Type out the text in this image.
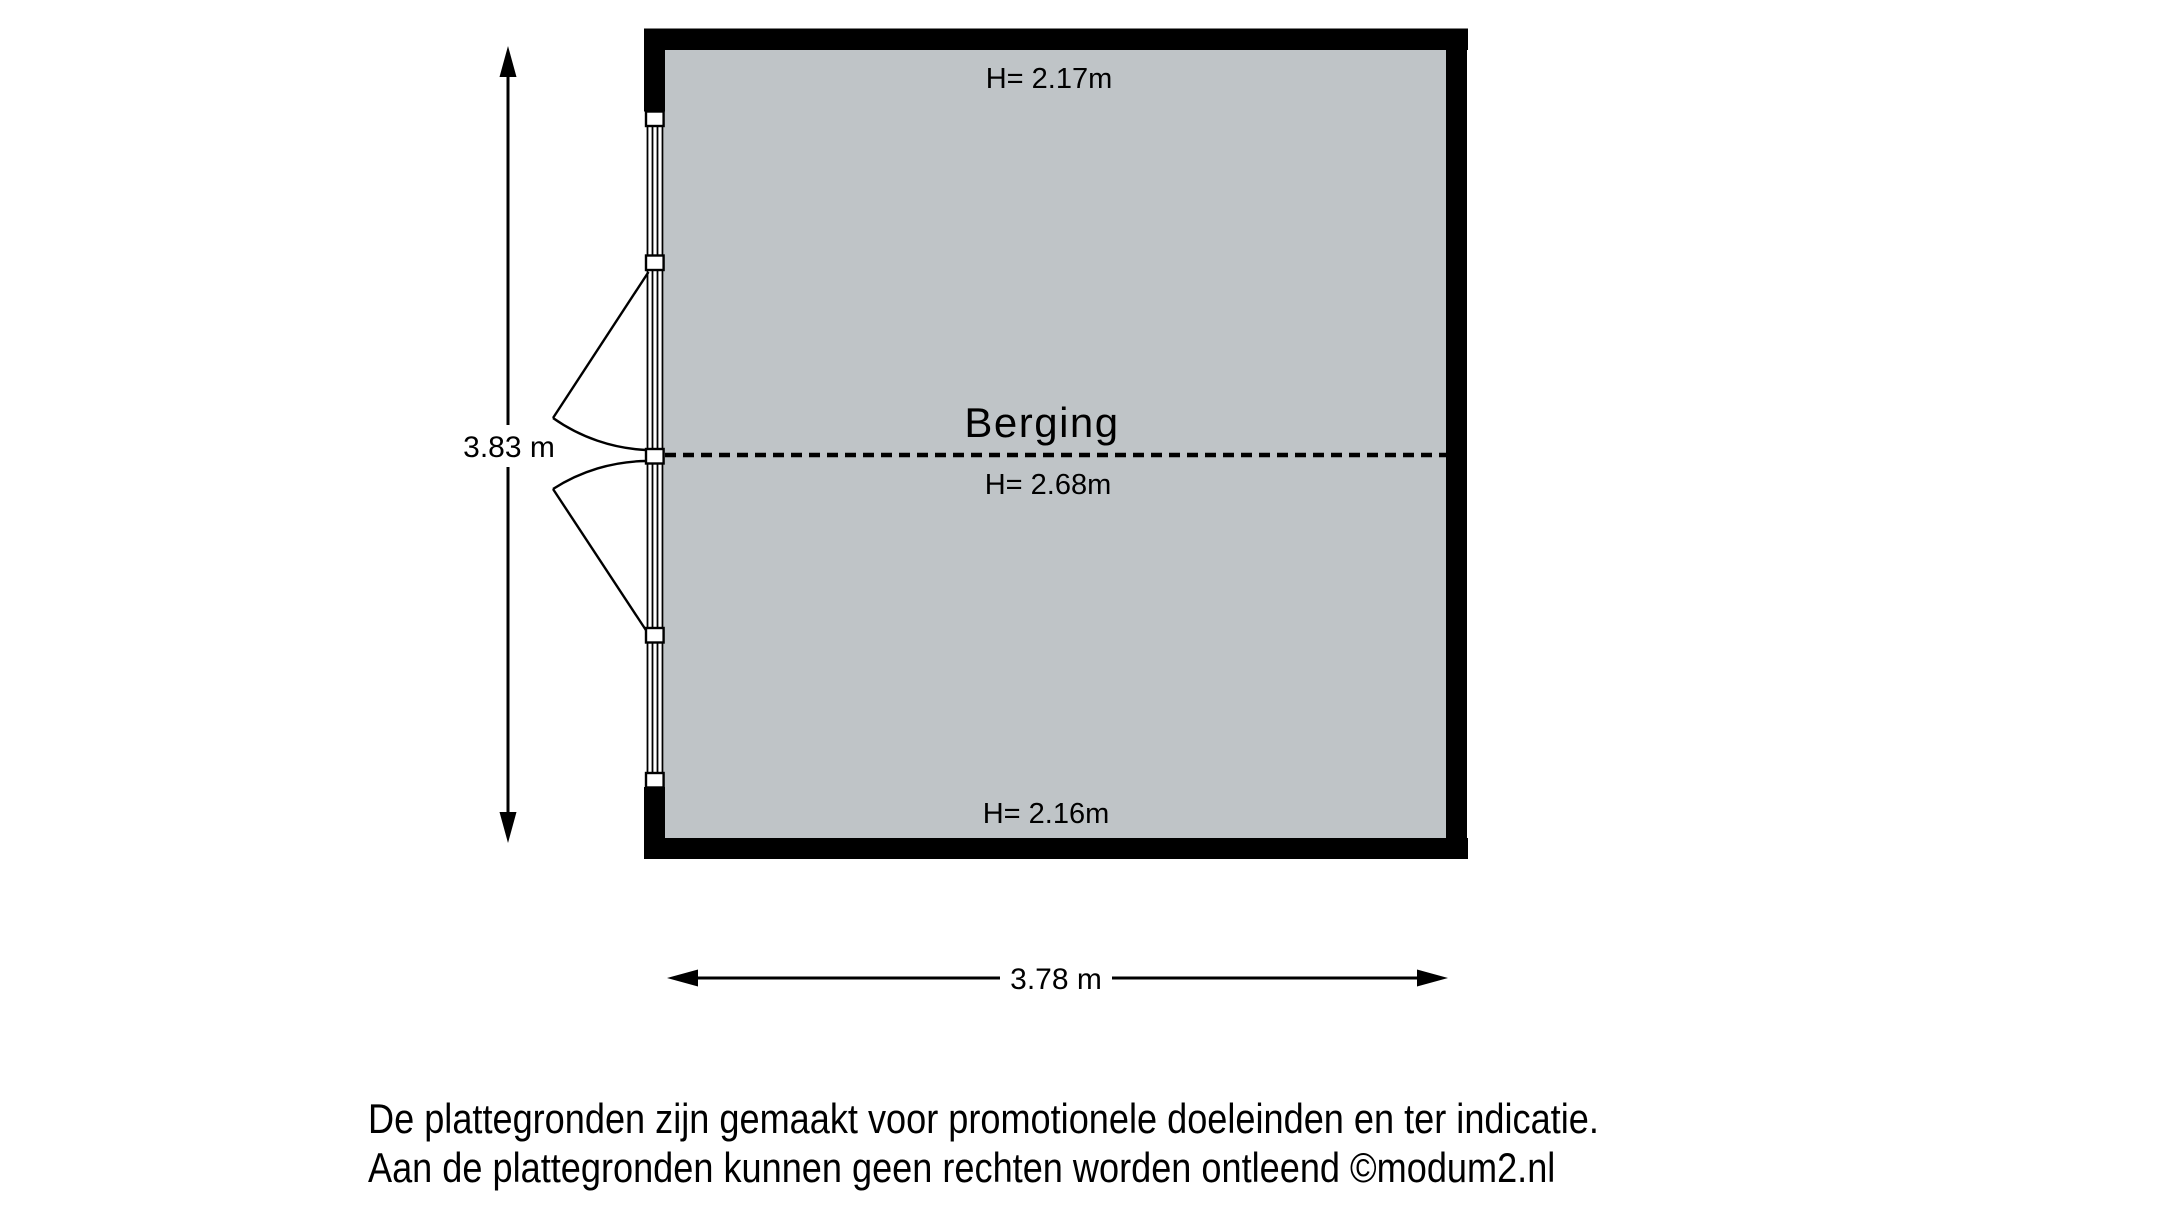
H= 2.17m
Berging
H= 2.68m
H= 2.16m
3.83 m
3.78 m
De plattegronden zijn gemaakt voor promotionele doeleinden en ter indicatie.
Aan de plattegronden kunnen geen rechten worden ontleend ©modum2.nl
